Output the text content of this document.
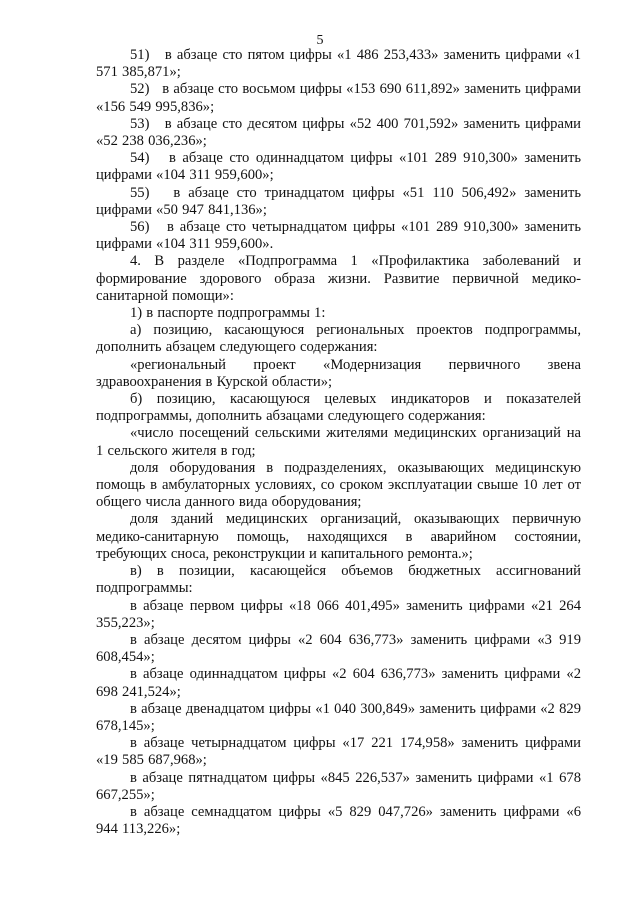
5

51)   в абзаце сто пятом цифры «1 486 253,433» заменить цифрами «1 571 385,871»;

52)   в абзаце сто восьмом цифры «153 690 611,892» заменить цифрами «156 549 995,836»;

53)   в абзаце сто десятом цифры «52 400 701,592» заменить цифрами «52 238 036,236»;

54)   в абзаце сто одиннадцатом цифры «101 289 910,300» заменить цифрами «104 311 959,600»;

55)   в абзаце сто тринадцатом цифры «51 110 506,492» заменить цифрами «50 947 841,136»;

56)   в абзаце сто четырнадцатом цифры «101 289 910,300» заменить цифрами «104 311 959,600».

4. В разделе «Подпрограмма 1 «Профилактика заболеваний и формирование здорового образа жизни. Развитие первичной медико-санитарной помощи»:

1) в паспорте подпрограммы 1:

а) позицию, касающуюся региональных проектов подпрограммы, дополнить абзацем следующего содержания:

«региональный проект «Модернизация первичного звена здравоохранения в Курской области»;

б) позицию, касающуюся целевых индикаторов и показателей подпрограммы, дополнить абзацами следующего содержания:

«число посещений сельскими жителями медицинских организаций на 1 сельского жителя в год;

доля оборудования в подразделениях, оказывающих медицинскую помощь в амбулаторных условиях, со сроком эксплуатации свыше 10 лет от общего числа данного вида оборудования;

доля зданий медицинских организаций, оказывающих первичную медико-санитарную помощь, находящихся в аварийном состоянии, требующих сноса, реконструкции и капитального ремонта.»;

в) в позиции, касающейся объемов бюджетных ассигнований подпрограммы:

в абзаце первом цифры «18 066 401,495» заменить цифрами «21 264 355,223»;

в абзаце десятом цифры «2 604 636,773» заменить цифрами «3 919 608,454»;

в абзаце одиннадцатом цифры «2 604 636,773» заменить цифрами «2 698 241,524»;

в абзаце двенадцатом цифры «1 040 300,849» заменить цифрами «2 829 678,145»;

в абзаце четырнадцатом цифры «17 221 174,958» заменить цифрами «19 585 687,968»;

в абзаце пятнадцатом цифры «845 226,537» заменить цифрами «1 678 667,255»;

в абзаце семнадцатом цифры «5 829 047,726» заменить цифрами «6 944 113,226»;
